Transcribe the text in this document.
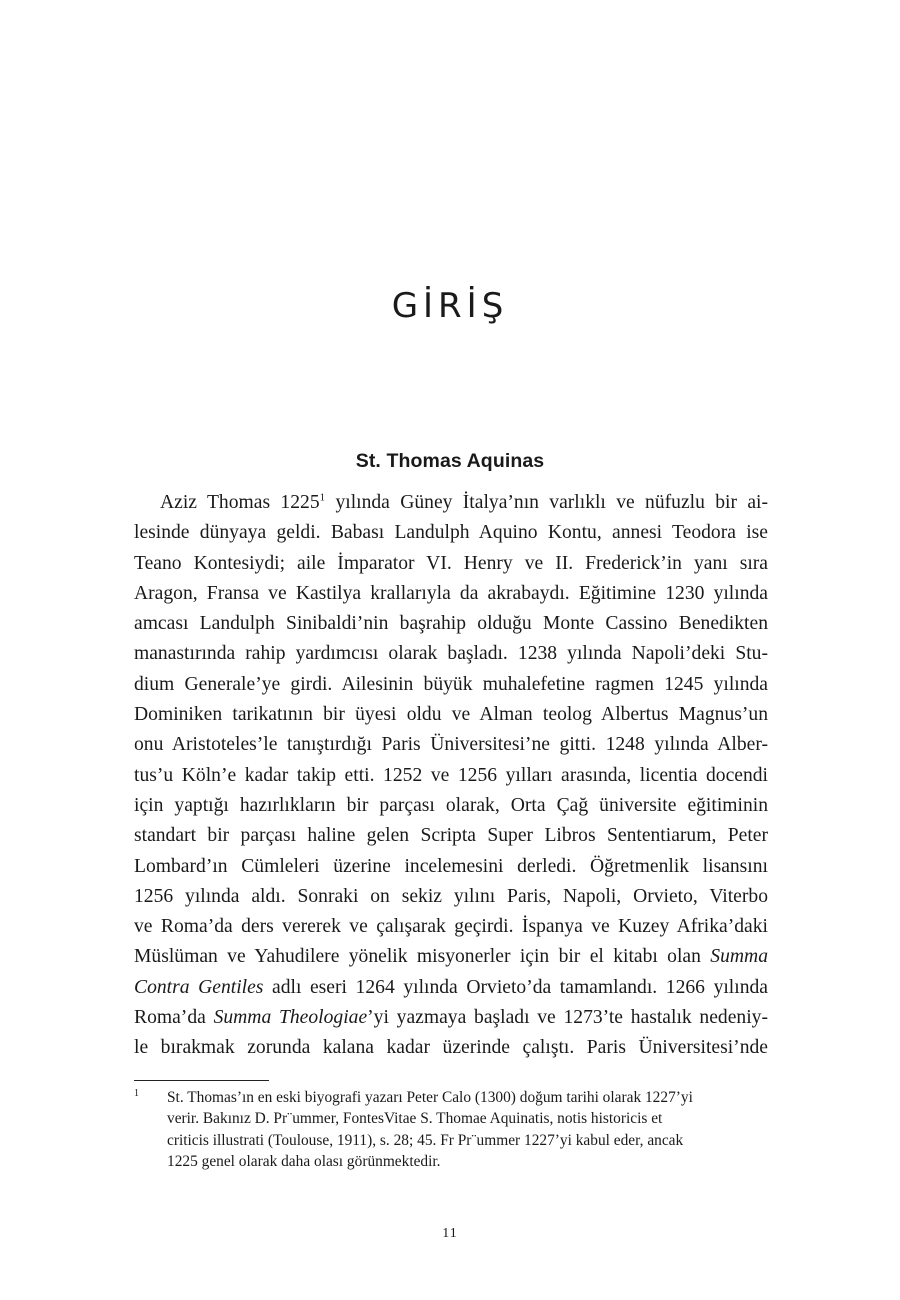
GİRİŞ
St. Thomas Aquinas
Aziz Thomas 1225$^1$ yılında Güney İtalya’nın varlıklı ve nüfuzlu bir ai-
lesinde dünyaya geldi. Babası Landulph Aquino Kontu, annesi Teodora ise
Teano Kontesiydi; aile İmparator VI. Henry ve II. Frederick’in yanı sıra
Aragon, Fransa ve Kastilya krallarıyla da akrabaydı. Eğitimine 1230 yılında
amcası Landulph Sinibaldi’nin başrahip olduğu Monte Cassino Benedikten
manastırında rahip yardımcısı olarak başladı. 1238 yılında Napoli’deki Stu-
dium Generale’ye girdi. Ailesinin büyük muhalefetine ragmen 1245 yılında
Dominiken tarikatının bir üyesi oldu ve Alman teolog Albertus Magnus’un
onu Aristoteles’le tanıştırdığı Paris Üniversitesi’ne gitti. 1248 yılında Alber-
tus’u Köln’e kadar takip etti. 1252 ve 1256 yılları arasında, licentia docendi
için yaptığı hazırlıkların bir parçası olarak, Orta Çağ üniversite eğitiminin
standart bir parçası haline gelen Scripta Super Libros Sententiarum, Peter
Lombard’ın Cümleleri üzerine incelemesini derledi. Öğretmenlik lisansını
1256 yılında aldı. Sonraki on sekiz yılını Paris, Napoli, Orvieto, Viterbo
ve Roma’da ders vererek ve çalışarak geçirdi. İspanya ve Kuzey Afrika’daki
Müslüman ve Yahudilere yönelik misyonerler için bir el kitabı olan Summa
Contra Gentiles adlı eseri 1264 yılında Orvieto’da tamamlandı. 1266 yılında
Roma’da Summa Theologiae’yi yazmaya başladı ve 1273’te hastalık nedeniy-
le bırakmak zorunda kalana kadar üzerinde çalıştı. Paris Üniversitesi’nde
1 St. Thomas’ın en eski biyografi yazarı Peter Calo (1300) doğum tarihi olarak 1227’yi
verir. Bakınız D. Pr¨ummer, FontesVitae S. Thomae Aquinatis, notis historicis et
criticis illustrati (Toulouse, 1911), s. 28; 45. Fr Pr¨ummer 1227’yi kabul eder, ancak
1225 genel olarak daha olası görünmektedir.
11
